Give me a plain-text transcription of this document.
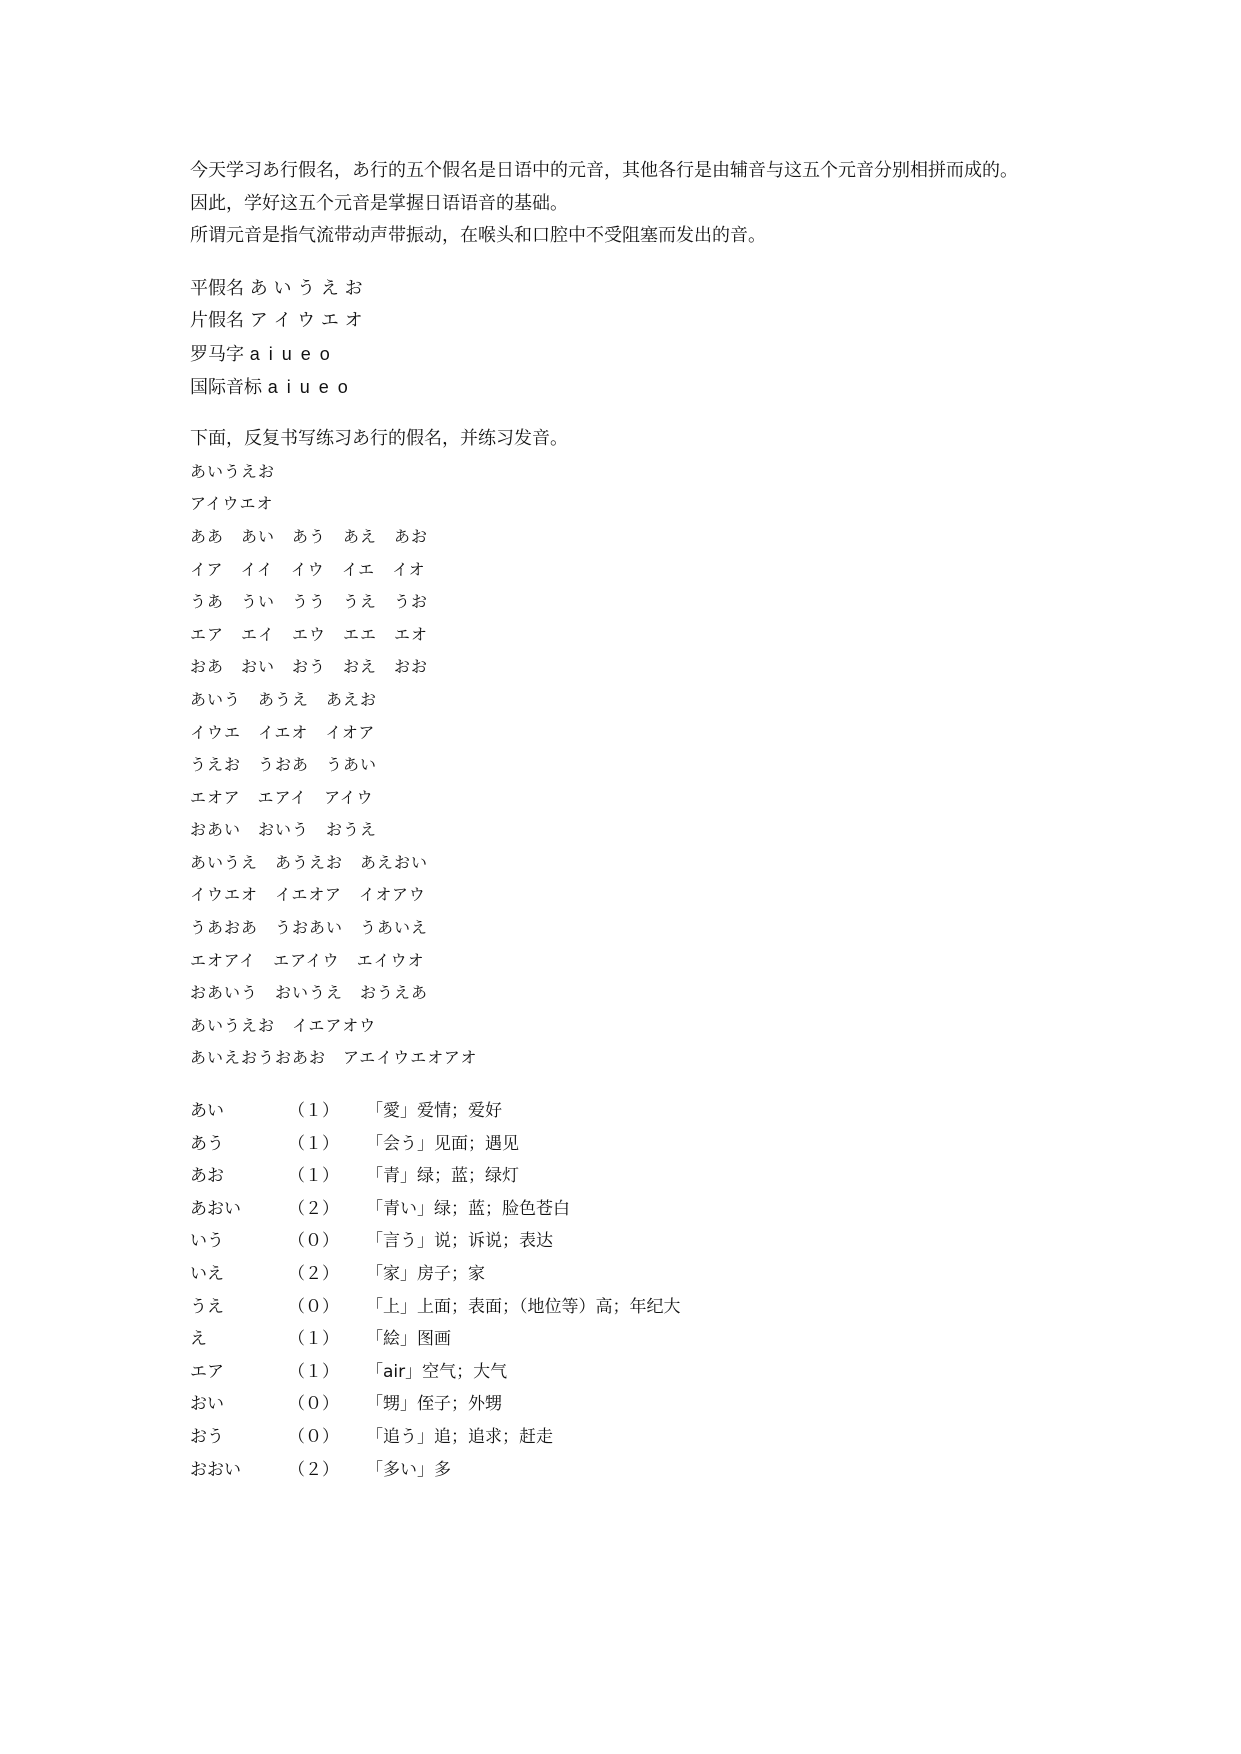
今天学习あ行假名，あ行的五个假名是日语中的元音，其他各行是由辅音与这五个元音分别相拼而成的。
因此，学好这五个元音是掌握日语语音的基础。
所谓元音是指气流带动声带振动，在喉头和口腔中不受阻塞而发出的音。
平假名 あ い う え お
片假名 ア イ ウ エ オ
罗马字 a i u e o
国际音标 a i u e o
下面，反复书写练习あ行的假名，并练习发音。
あいうえお
アイウエオ
ああ　あい　あう　あえ　あお
イア　イイ　イウ　イエ　イオ
うあ　うい　うう　うえ　うお
エア　エイ　エウ　エエ　エオ
おあ　おい　おう　おえ　おお
あいう　あうえ　あえお
イウエ　イエオ　イオア
うえお　うおあ　うあい
エオア　エアイ　アイウ
おあい　おいう　おうえ
あいうえ　あうえお　あえおい
イウエオ　イエオア　イオアウ
うあおあ　うおあい　うあいえ
エオアイ　エアイウ　エイウオ
おあいう　おいうえ　おうえあ
あいうえお　イエアオウ
あいえおうおあお　アエイウエオアオ
あい	（１）	「愛」爱情；爱好
あう	（１）	「会う」见面；遇见
あお	（１）	「青」绿；蓝；绿灯
あおい	（２）	「青い」绿；蓝；脸色苍白
いう	（０）	「言う」说；诉说；表达
いえ	（２）	「家」房子；家
うえ	（０）	「上」上面；表面；（地位等）高；年纪大
え	（１）	「絵」图画
エア	（１）	「air」空气；大气
おい	（０）	「甥」侄子；外甥
おう	（０）	「追う」追；追求；赶走
おおい	（２）	「多い」多
